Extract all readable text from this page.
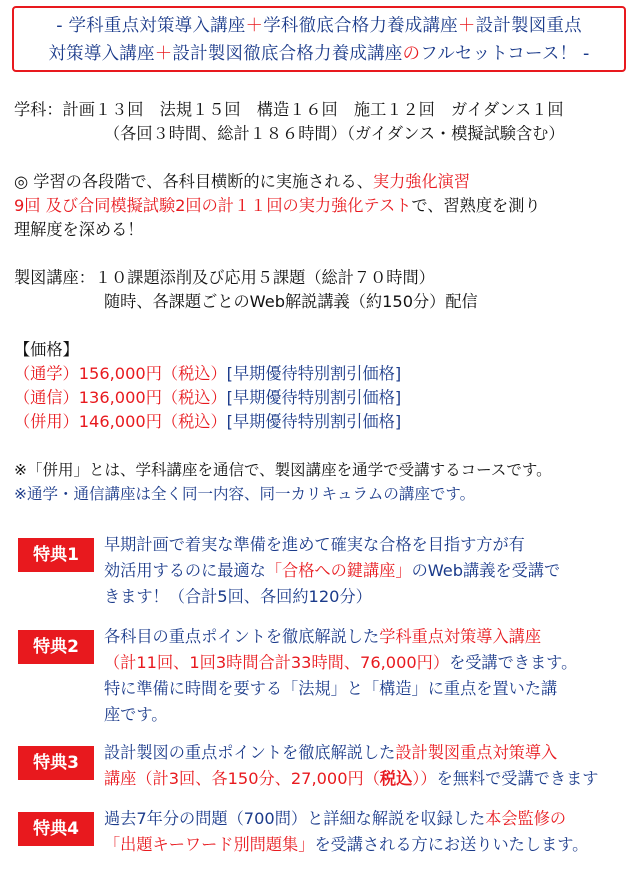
- 学科重点対策導入講座＋学科徹底合格力養成講座＋設計製図重点
対策導入講座＋設計製図徹底合格力養成講座のフルセットコース！ -
学科：計画１３回　法規１５回　構造１６回　施工１２回　ガイダンス１回
（各回３時間、総計１８６時間）（ガイダンス・模擬試験含む）
◎ 学習の各段階で、各科目横断的に実施される、実力強化演習
9回 及び合同模擬試験2回の計１１回の実力強化テストで、習熟度を測り
理解度を深める！
製図講座：１０課題添削及び応用５課題（総計７０時間）
随時、各課題ごとのWeb解説講義（約150分）配信
【価格】
（通学）156,000円（税込）[早期優待特別割引価格]
（通信）136,000円（税込）[早期優待特別割引価格]
（併用）146,000円（税込）[早期優待特別割引価格]
※「併用」とは、学科講座を通信で、製図講座を通学で受講するコースです。
※通学・通信講座は全く同一内容、同一カリキュラムの講座です。
特典1
早期計画で着実な準備を進めて確実な合格を目指す方が有
効活用するのに最適な「合格への鍵講座」のWeb講義を受講で
きます！（合計5回、各回約120分）
特典2
各科目の重点ポイントを徹底解説した学科重点対策導入講座
（計11回、1回3時間合計33時間、76,000円）を受講できます。
特に準備に時間を要する「法規」と「構造」に重点を置いた講
座です。
特典3
設計製図の重点ポイントを徹底解説した設計製図重点対策導入
講座（計3回、各150分、27,000円（税込））を無料で受講できます
特典4
過去7年分の問題（700問）と詳細な解説を収録した本会監修の
「出題キーワード別問題集」を受講される方にお送りいたします。
